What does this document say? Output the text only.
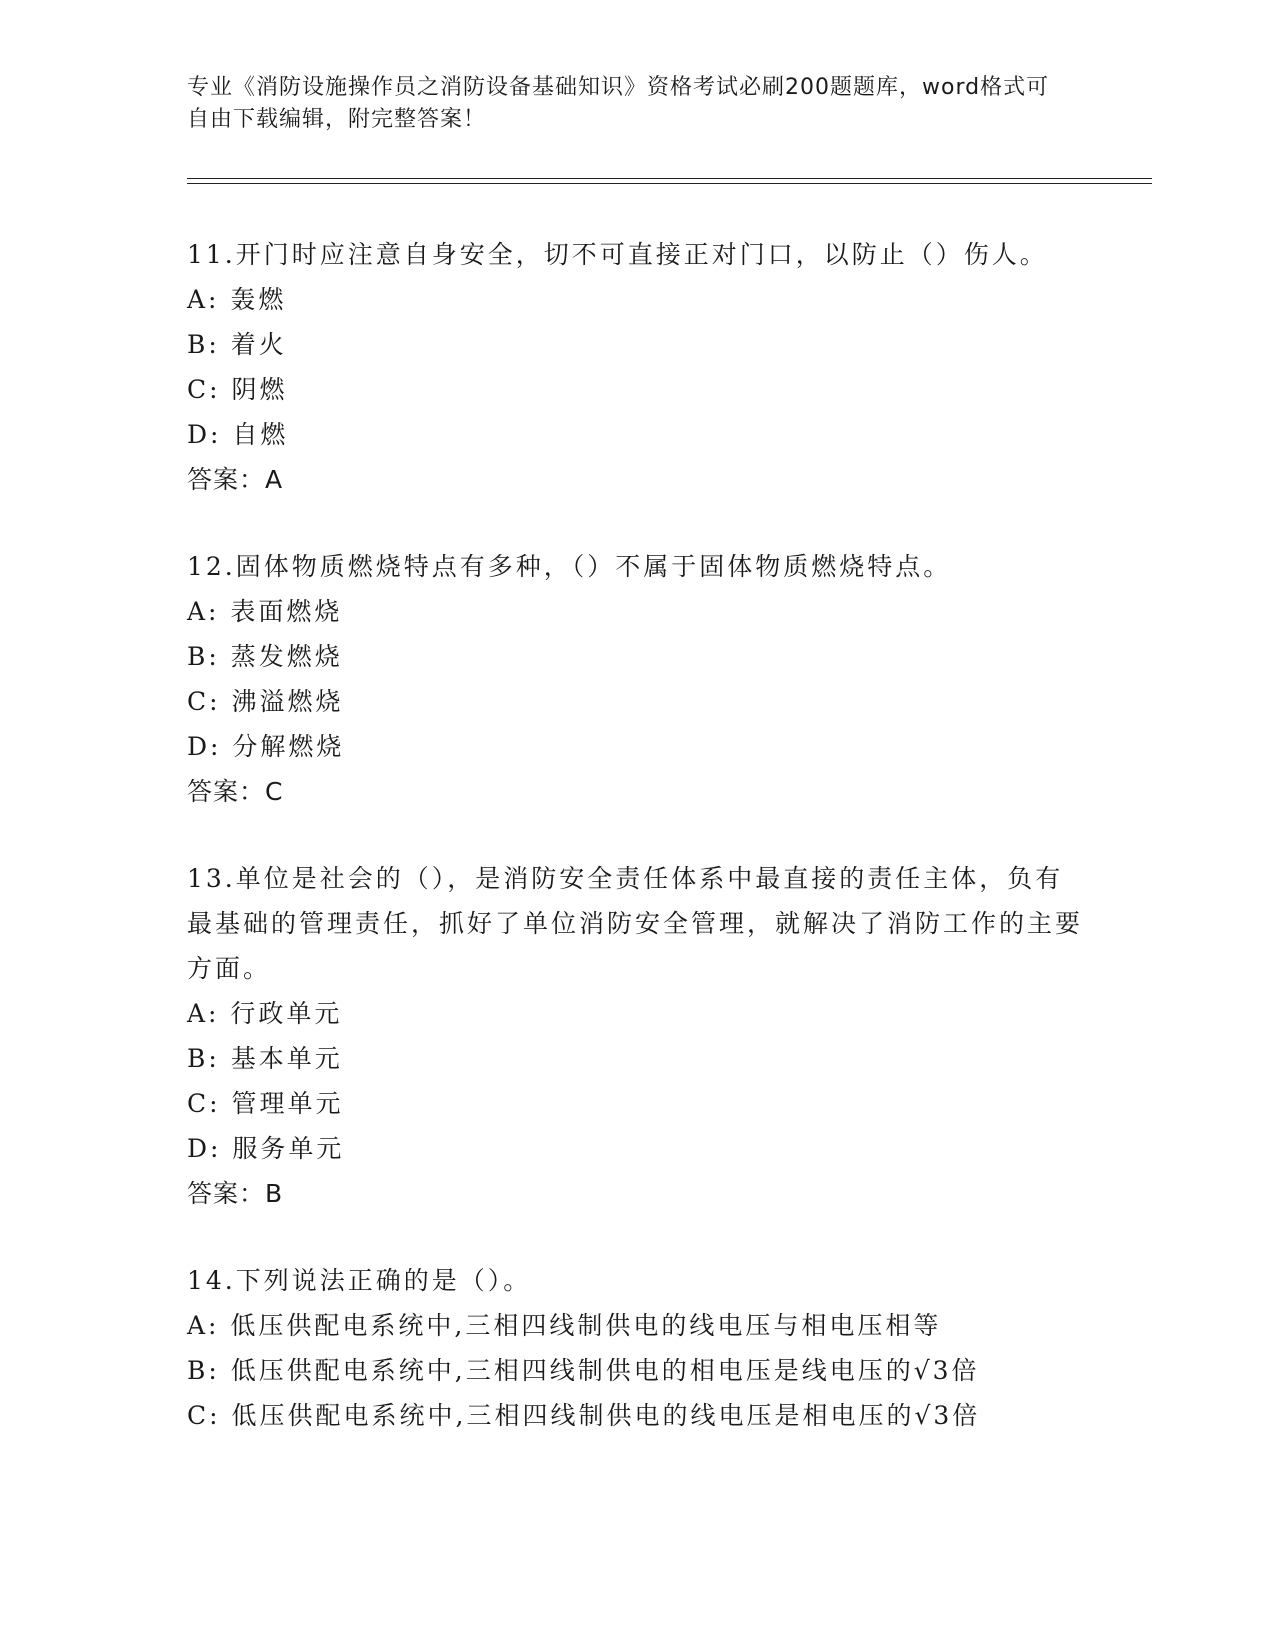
专业《消防设施操作员之消防设备基础知识》资格考试必刷200题题库，word格式可自由下载编辑，附完整答案！

11.开门时应注意自身安全，切不可直接正对门口，以防止（）伤人。

A: 轰燃

B: 着火

C: 阴燃

D: 自燃

答案：A

12.固体物质燃烧特点有多种，（）不属于固体物质燃烧特点。

A: 表面燃烧

B: 蒸发燃烧

C: 沸溢燃烧

D: 分解燃烧

答案：C

13.单位是社会的（），是消防安全责任体系中最直接的责任主体，负有最基础的管理责任，抓好了单位消防安全管理，就解决了消防工作的主要方面。

A: 行政单元

B: 基本单元

C: 管理单元

D: 服务单元

答案：B

14.下列说法正确的是（）。

A: 低压供配电系统中,三相四线制供电的线电压与相电压相等

B: 低压供配电系统中,三相四线制供电的相电压是线电压的√3倍

C: 低压供配电系统中,三相四线制供电的线电压是相电压的√3倍
